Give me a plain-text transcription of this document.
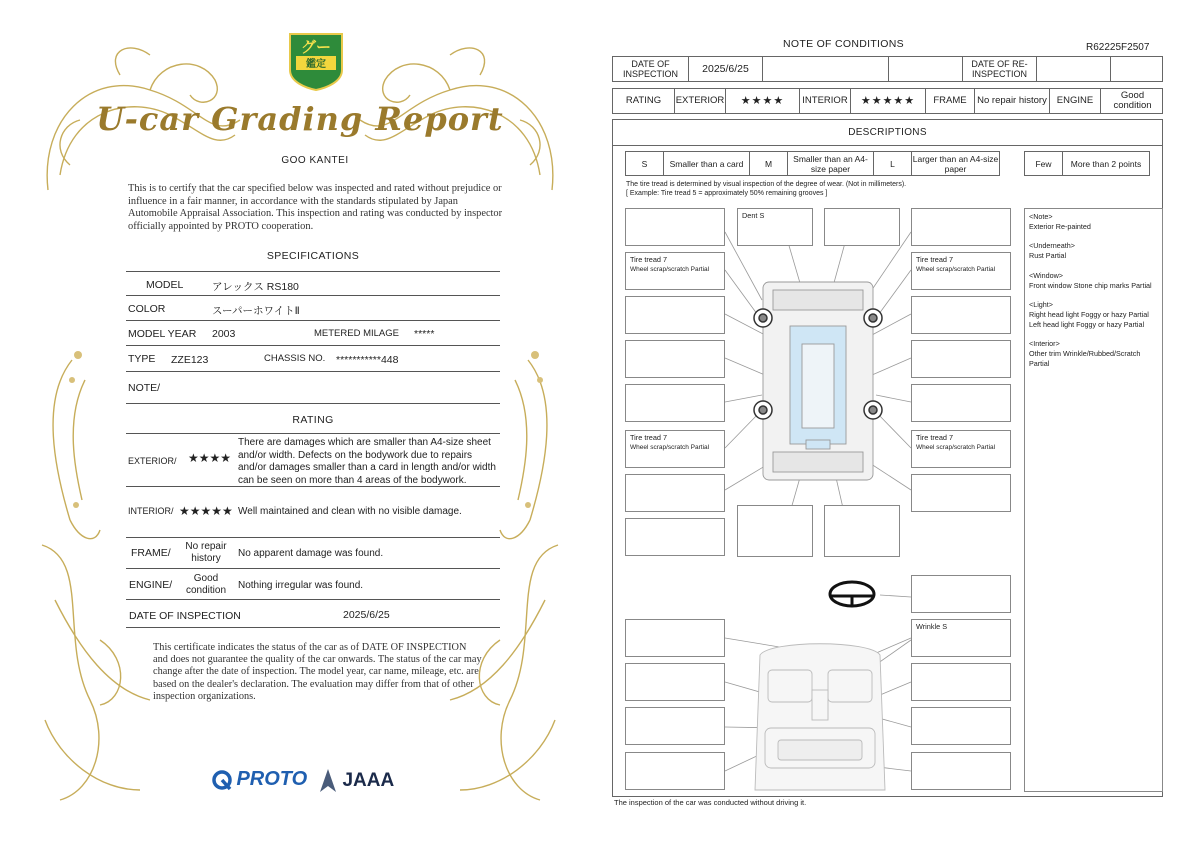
グー
鑑定
U-car Grading Report
GOO KANTEI
This is to certify that the car specified below was inspected and rated without prejudice or influence in a fair manner, in accordance with the standards stipulated by Japan Automobile Appraisal Association. This inspection and rating was conducted by inspector officially appointed by PROTO cooperation.
SPECIFICATIONS
MODEL	アレックス RS180
COLOR	スーパーホワイトⅡ
MODEL YEAR 2003	METERED MILAGE *****
TYPE ZZE123	CHASSIS NO. ***********448
NOTE/
RATING
EXTERIOR/ ★★★★
There are damages which are smaller than A4-size sheet and/or width. Defects on the bodywork due to repairs and/or damages smaller than a card in length and/or width can be seen on more than 4 areas of the bodywork.
INTERIOR/ ★★★★★ Well maintained and clean with no visible damage.
FRAME/
No repair history	No apparent damage was found.
ENGINE/
Good condition	Nothing irregular was found.
DATE OF INSPECTION	2025/6/25
This certificate indicates the status of the car as of DATE OF INSPECTION and does not guarantee the quality of the car onwards. The status of the car may change after the date of inspection. The model year, car name, mileage, etc. are based on the dealer's declaration. The evaluation may differ from that of other inspection organizations.
PROTO	JAAA
NOTE OF CONDITIONS	R62225F2507
DATE OF INSPECTION	2025/6/25	DATE OF RE-INSPECTION
RATING	EXTERIOR	★★★★	INTERIOR	★★★★★	FRAME	No repair history	ENGINE	Good condition
DESCRIPTIONS
S	Smaller than a card	M	Smaller than an A4-size paper	L	Larger than an A4-size paper	Few	More than 2 points
The tire tread is determined by visual inspection of the degree of wear. (Not in millimeters).
[ Example: Tire tread 5 = approximately 50% remaining grooves ]

<Note>
Exterior Re-painted

<Underneath>
Rust Partial

<Window>
Front window Stone chip marks Partial

<Light>
Right head light Foggy or hazy Partial

Left head light Foggy or hazy Partial

<Interior>
Other trim Wrinkle/Rubbed/Scratch Partial

Dent S
Tire tread 7
Wheel scrap/scratch Partial
Tire tread 7
Wheel scrap/scratch Partial
Tire tread 7
Wheel scrap/scratch Partial
Tire tread 7
Wheel scrap/scratch Partial
Wrinkle S
The inspection of the car was conducted without driving it.
